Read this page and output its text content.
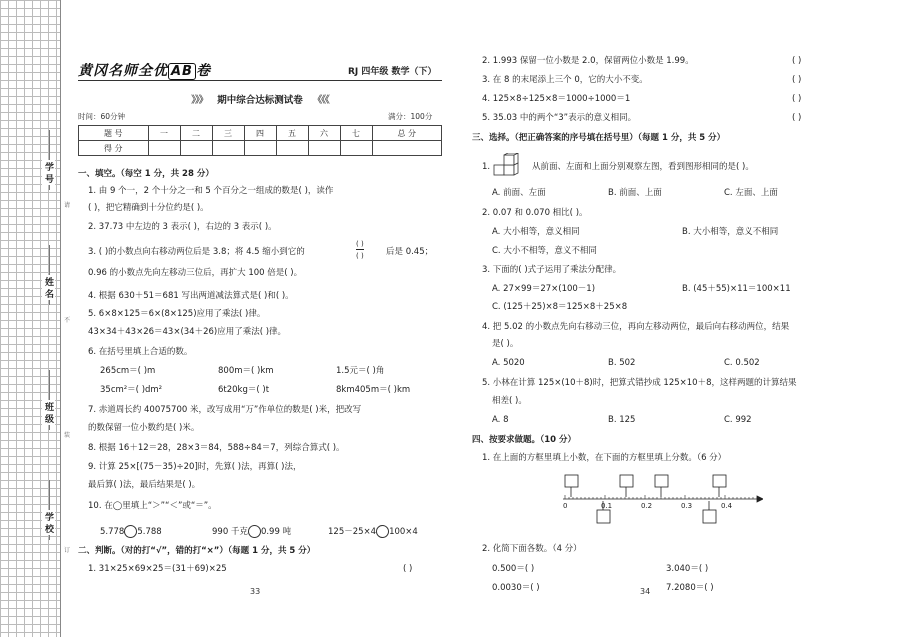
学 号
姓 名
班 级
学 校
请
不
装
订
黄冈名师全优 AB 卷	RJ 四年级 数学（下）
》》》 期中综合达标测试卷 《《《
时间：60分钟	满分：100分
题 号	一	二	三	四	五	六	七	总 分
得 分								
一、填空。（每空 1 分，共 28 分）
1. 由 9 个一，2 个十分之一和 5 个百分之一组成的数是( )，读作
( )，把它精确到十分位约是( )。
2. 37.73 中左边的 3 表示( )，右边的 3 表示( )。
3. ( )的小数点向右移动两位后是 3.8；将 4.5 缩小到它的
( )
( )	后是 0.45；
0.96 的小数点先向左移动三位后，再扩大 100 倍是( )。
4. 根据 630＋51＝681 写出两道减法算式是( )和( )。
5. 6×8×125＝6×(8×125)应用了乘法( )律。
43×34＋43×26＝43×(34＋26)应用了乘法( )律。
6. 在括号里填上合适的数。
265cm＝( )m	800m＝( )km	1.5元＝( )角
35cm²＝( )dm²	6t20kg＝( )t	8km405m＝( )km
7. 赤道周长约 40075700 米，改写成用“万”作单位的数是( )米，把改写
的数保留一位小数约是( )米。
8. 根据 16＋12＝28，28×3＝84，588÷84＝7，列综合算式( )。
9. 计算 25×[(75－35)÷20]时，先算( )法，再算( )法，
最后算( )法，最后结果是( )。
10. 在◯里填上“＞”“＜”或“＝”。
5.778 5.788	990 千克 0.99 吨	125－25×4 100×4
二、判断。（对的打“√”，错的打“×”）（每题 1 分，共 5 分）
1. 31×25×69×25＝(31＋69)×25	( )
33
2. 1.993 保留一位小数是 2.0，保留两位小数是 1.99。	( )
3. 在 8 的末尾添上三个 0，它的大小不变。	( )
4. 125×8÷125×8＝1000÷1000＝1	( )
5. 35.03 中的两个“3”表示的意义相同。	( )
三、选择。（把正确答案的序号填在括号里）（每题 1 分，共 5 分）
1.	从前面、左面和上面分别观察左图，看到图形相同的是( )。
A. 前面、左面	B. 前面、上面	C. 左面、上面
2. 0.07 和 0.070 相比( )。
A. 大小相等，意义相同	B. 大小相等，意义不相同
C. 大小不相等，意义不相同
3. 下面的( )式子运用了乘法分配律。
A. 27×99＝27×(100－1)	B. (45＋55)×11＝100×11
C. (125＋25)×8＝125×8＋25×8
4. 把 5.02 的小数点先向右移动三位，再向左移动两位，最后向右移动两位，结果
是( )。
A. 5020	B. 502	C. 0.502
5. 小林在计算 125×(10＋8)时，把算式错抄成 125×10＋8，这样两题的计算结果
相差( )。
A. 8	B. 125	C. 992
四、按要求做题。（10 分）
1. 在上面的方框里填上小数，在下面的方框里填上分数。（6 分）
2. 化简下面各数。（4 分）
0.500＝( )	3.040＝( )
0.0030＝( )	7.2080＝( )
0	0.1	0.2	0.3	0.4
34
